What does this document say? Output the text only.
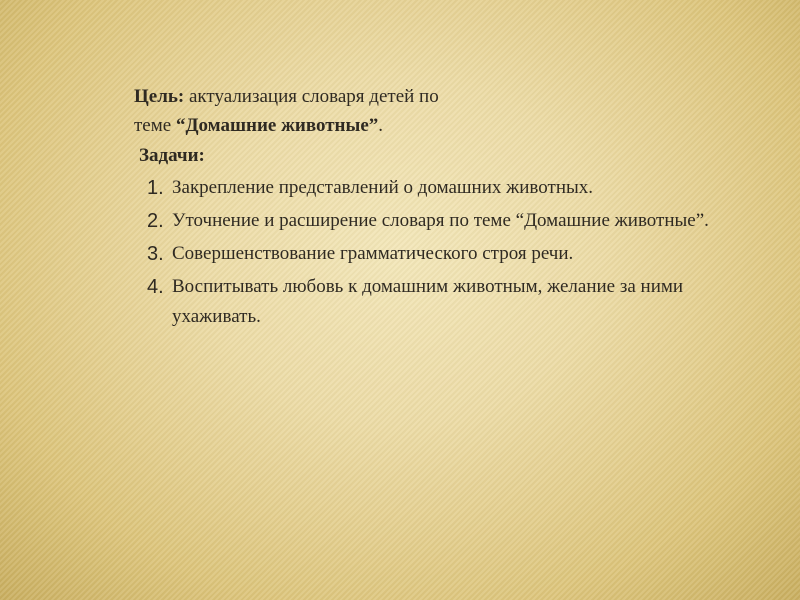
Цель: актуализация словаря детей по
теме “Домашние животные”.
Задачи:
1. Закрепление представлений о домашних животных.
2. Уточнение и расширение словаря по теме “Домашние животные”.
3. Совершенствование грамматического строя речи.
4. Воспитывать любовь к домашним животным, желание за ними ухаживать.
